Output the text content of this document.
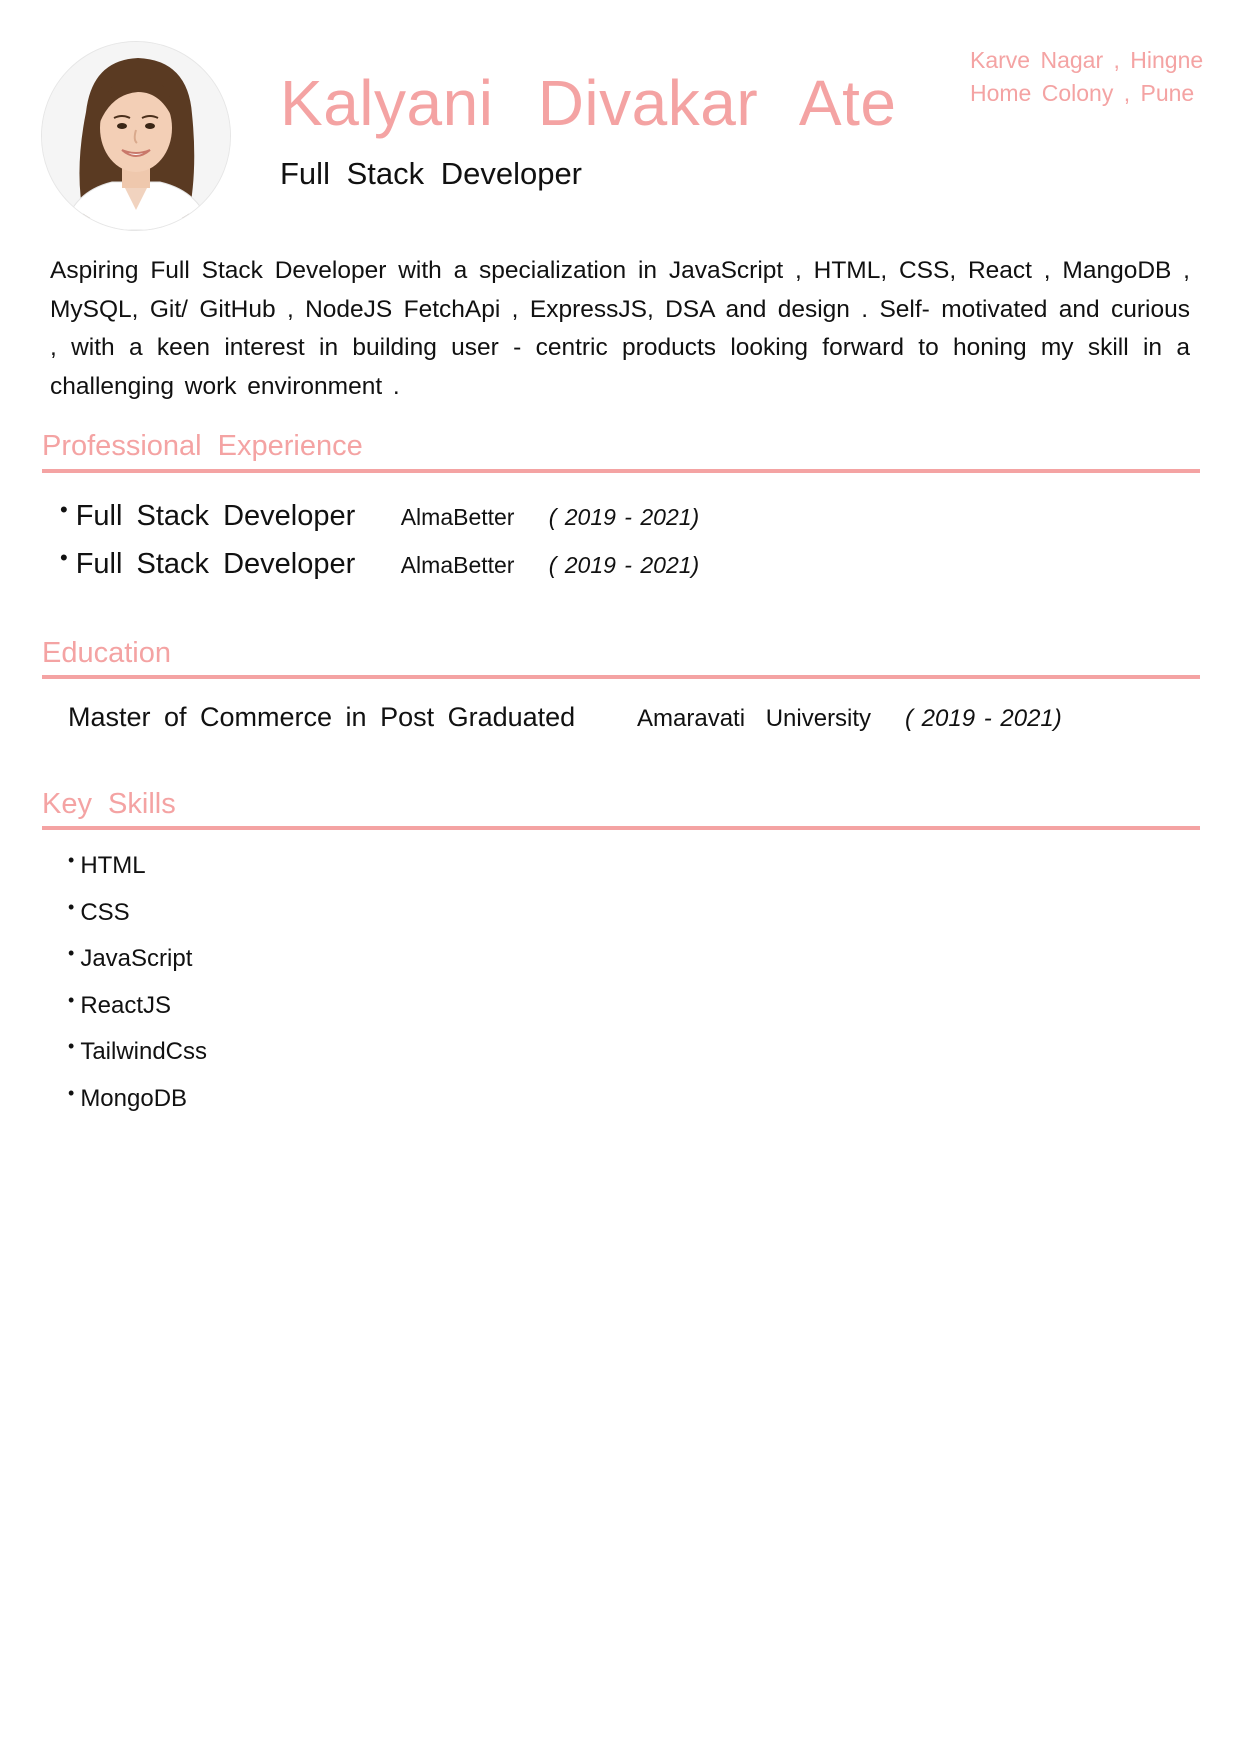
Kalyani Divakar Ate
Full Stack Developer
Karve Nagar , Hingne
Home Colony , Pune
Aspiring Full Stack Developer with a specialization in JavaScript , HTML, CSS, React , MangoDB , MySQL, Git/ GitHub , NodeJS FetchApi , ExpressJS, DSA and design . Self- motivated and curious , with a keen interest in building user - centric products looking forward to honing my skill in a challenging work environment .
Professional Experience
• Full Stack Developer	AlmaBetter	( 2019 - 2021)
• Full Stack Developer	AlmaBetter	( 2019 - 2021)
Education
Master of Commerce in Post Graduated	Amaravati University	( 2019 - 2021)
Key Skills
• HTML
• CSS
• JavaScript
• ReactJS
• TailwindCss
• MongoDB
